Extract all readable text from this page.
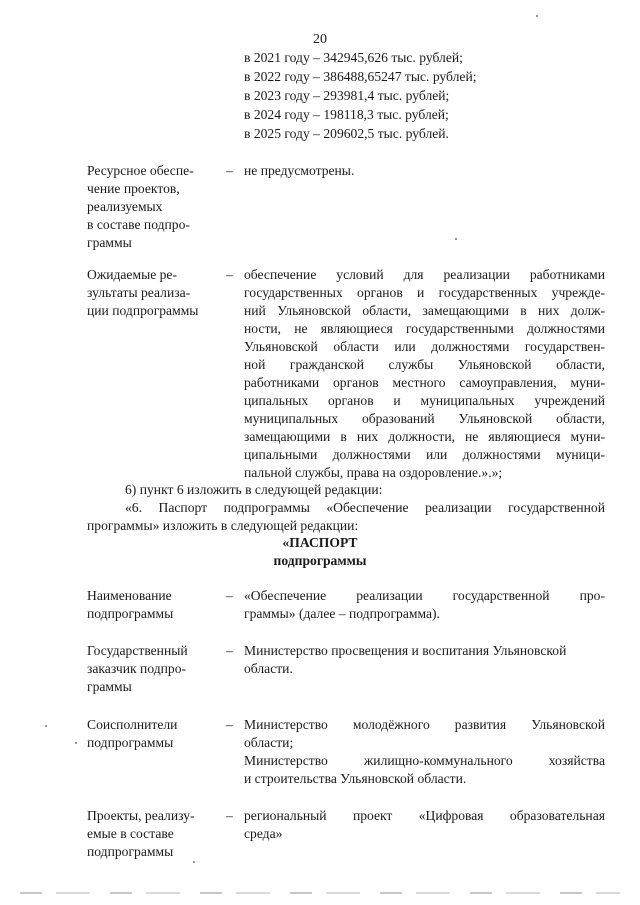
20
в 2021 году – 342945,626 тыс. рублей;
в 2022 году – 386488,65247 тыс. рублей;
в 2023 году – 293981,4 тыс. рублей;
в 2024 году – 198118,3 тыс. рублей;
в 2025 году – 209602,5 тыс. рублей.
Ресурсное обеспе-
чение проектов,
реализуемых
в составе подпро-
граммы
– не предусмотрены.
Ожидаемые ре-
зультаты реализа-
ции подпрограммы
– обеспечение условий для реализации работниками
государственных органов и государственных учрежде-
ний Ульяновской области, замещающими в них долж-
ности, не являющиеся государственными должностями
Ульяновской области или должностями государствен-
ной гражданской службы Ульяновской области,
работниками органов местного самоуправления, муни-
ципальных органов и муниципальных учреждений
муниципальных образований Ульяновской области,
замещающими в них должности, не являющиеся муни-
ципальными должностями или должностями муници-
пальной службы, права на оздоровление.».»;
6) пункт 6 изложить в следующей редакции:
«6. Паспорт подпрограммы «Обеспечение реализации государственной
программы» изложить в следующей редакции:
«ПАСПОРТ
подпрограммы
Наименование
подпрограммы
– «Обеспечение реализации государственной про-
граммы» (далее – подпрограмма).
Государственный
заказчик подпро-
граммы
– Министерство просвещения и воспитания Ульяновской
области.
Соисполнители
подпрограммы
– Министерство молодёжного развития Ульяновской
области;
Министерство жилищно-коммунального хозяйства
и строительства Ульяновской области.
Проекты, реализу-
емые в составе
подпрограммы
– региональный проект «Цифровая образовательная
среда»
